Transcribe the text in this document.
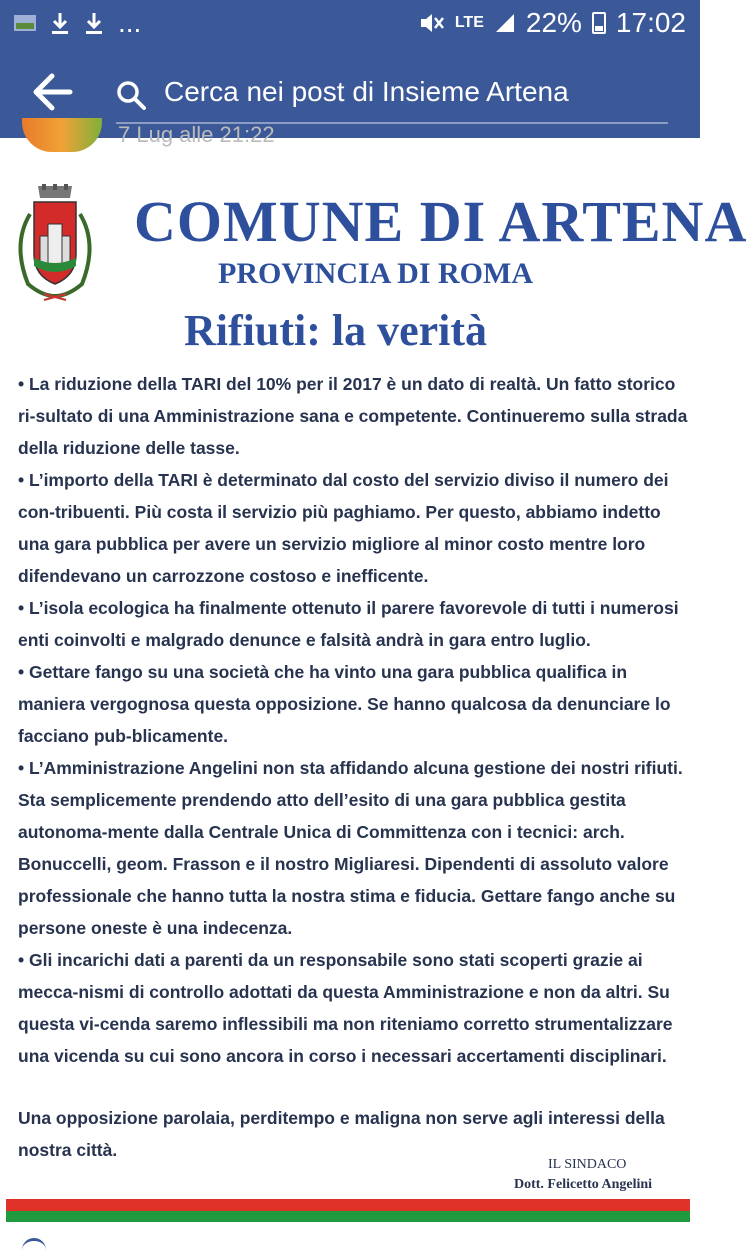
...	LTE 22% 17:02
Cerca nei post di Insieme Artena
7 Lug alle 21:22
COMUNE DI ARTENA
PROVINCIA DI ROMA
Rifiuti: la verità

• La riduzione della TARI del 10% per il 2017 è un dato di realtà. Un fatto storico ri-sultato di una Amministrazione sana e competente. Continueremo sulla strada della riduzione delle tasse.

• L’importo della TARI è determinato dal costo del servizio diviso il numero dei con-tribuenti. Più costa il servizio più paghiamo. Per questo, abbiamo indetto una gara pubblica per avere un servizio migliore al minor costo mentre loro difendevano un carrozzone costoso e inefficente.

• L’isola ecologica ha finalmente ottenuto il parere favorevole di tutti i numerosi enti coinvolti e malgrado denunce e falsità andrà in gara entro luglio.

• Gettare fango su una società che ha vinto una gara pubblica qualifica in maniera vergognosa questa opposizione. Se hanno qualcosa da denunciare lo facciano pub-blicamente.

• L’Amministrazione Angelini non sta affidando alcuna gestione dei nostri rifiuti. Sta semplicemente prendendo atto dell’esito di una gara pubblica gestita autonoma-mente dalla Centrale Unica di Committenza con i tecnici: arch. Bonuccelli, geom. Frasson e il nostro Migliaresi. Dipendenti di assoluto valore professionale che hanno tutta la nostra stima e fiducia. Gettare fango anche su persone oneste è una indecenza.

• Gli incarichi dati a parenti da un responsabile sono stati scoperti grazie ai mecca-nismi di controllo adottati da questa Amministrazione e non da altri. Su questa vi-cenda saremo inflessibili ma non riteniamo corretto strumentalizzare una vicenda su cui sono ancora in corso i necessari accertamenti disciplinari.

Una opposizione parolaia, perditempo e maligna non serve agli interessi della nostra città.
IL SINDACO
Dott. Felicetto Angelini
